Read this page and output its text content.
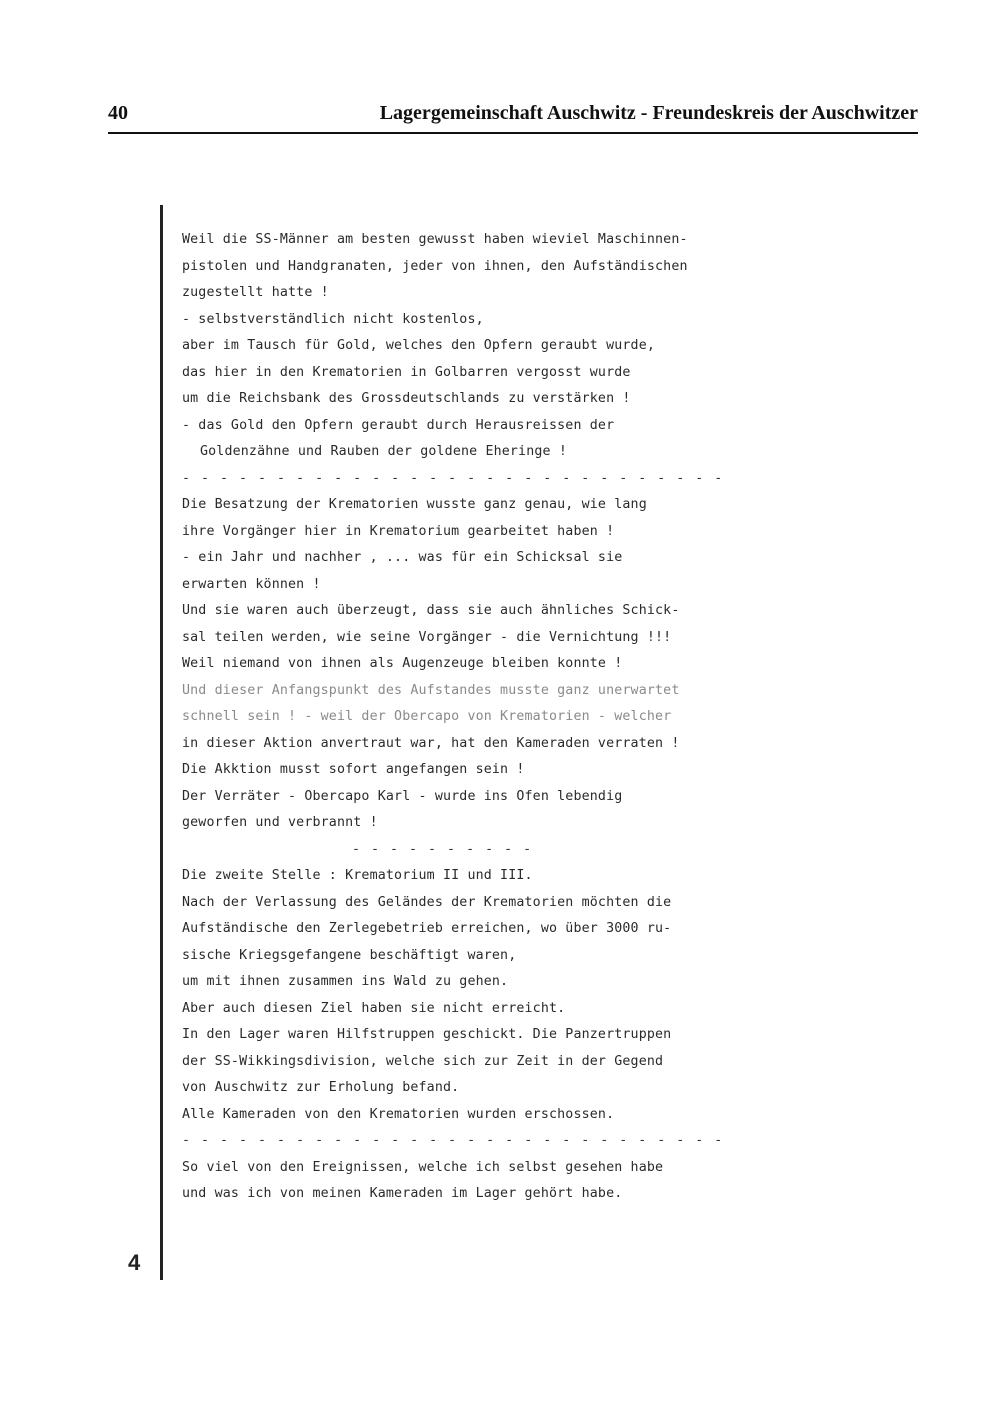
40	Lagergemeinschaft Auschwitz - Freundeskreis der Auschwitzer
Weil die SS-Männer am besten gewusst haben wieviel Maschinnen-
pistolen und Handgranaten, jeder von ihnen, den Aufständischen
zugestellt hatte !
- selbstverständlich nicht kostenlos,
aber im Tausch für Gold, welches den Opfern geraubt wurde,
das hier in den Krematorien in Golbarren vergosst wurde
um die Reichsbank des Grossdeutschlands zu verstärken !
- das Gold den Opfern geraubt durch Herausreissen der
Goldenzähne und Rauben der goldene Eheringe !
- - - - - - - - - - - - - - - - - - - - - - - - - - - - -
Die Besatzung der Krematorien wusste ganz genau, wie lang
ihre Vorgänger hier in Krematorium gearbeitet haben !
- ein Jahr und nachher , ... was für ein Schicksal sie
erwarten können !
Und sie waren auch überzeugt, dass sie auch ähnliches Schick-
sal teilen werden, wie seine Vorgänger - die Vernichtung !!!
Weil niemand von ihnen als Augenzeuge bleiben konnte !
Und dieser Anfangspunkt des Aufstandes musste ganz unerwartet
schnell sein ! - weil der Obercapo von Krematorien - welcher
in dieser Aktion anvertraut war, hat den Kameraden verraten !
Die Akktion musst sofort angefangen sein !
Der Verräter - Obercapo Karl - wurde ins Ofen lebendig
geworfen und verbrannt !
- - - - - - - - - -
Die zweite Stelle : Krematorium II und III.
Nach der Verlassung des Geländes der Krematorien möchten die
Aufständische den Zerlegebetrieb erreichen, wo über 3000 ru-
sische Kriegsgefangene beschäftigt waren,
um mit ihnen zusammen ins Wald zu gehen.
Aber auch diesen Ziel haben sie nicht erreicht.
In den Lager waren Hilfstruppen geschickt. Die Panzertruppen
der SS-Wikkingsdivision, welche sich zur Zeit in der Gegend
von Auschwitz zur Erholung befand.
Alle Kameraden von den Krematorien wurden erschossen.
- - - - - - - - - - - - - - - - - - - - - - - - - - - - -
So viel von den Ereignissen, welche ich selbst gesehen habe
und was ich von meinen Kameraden im Lager gehört habe.
4
